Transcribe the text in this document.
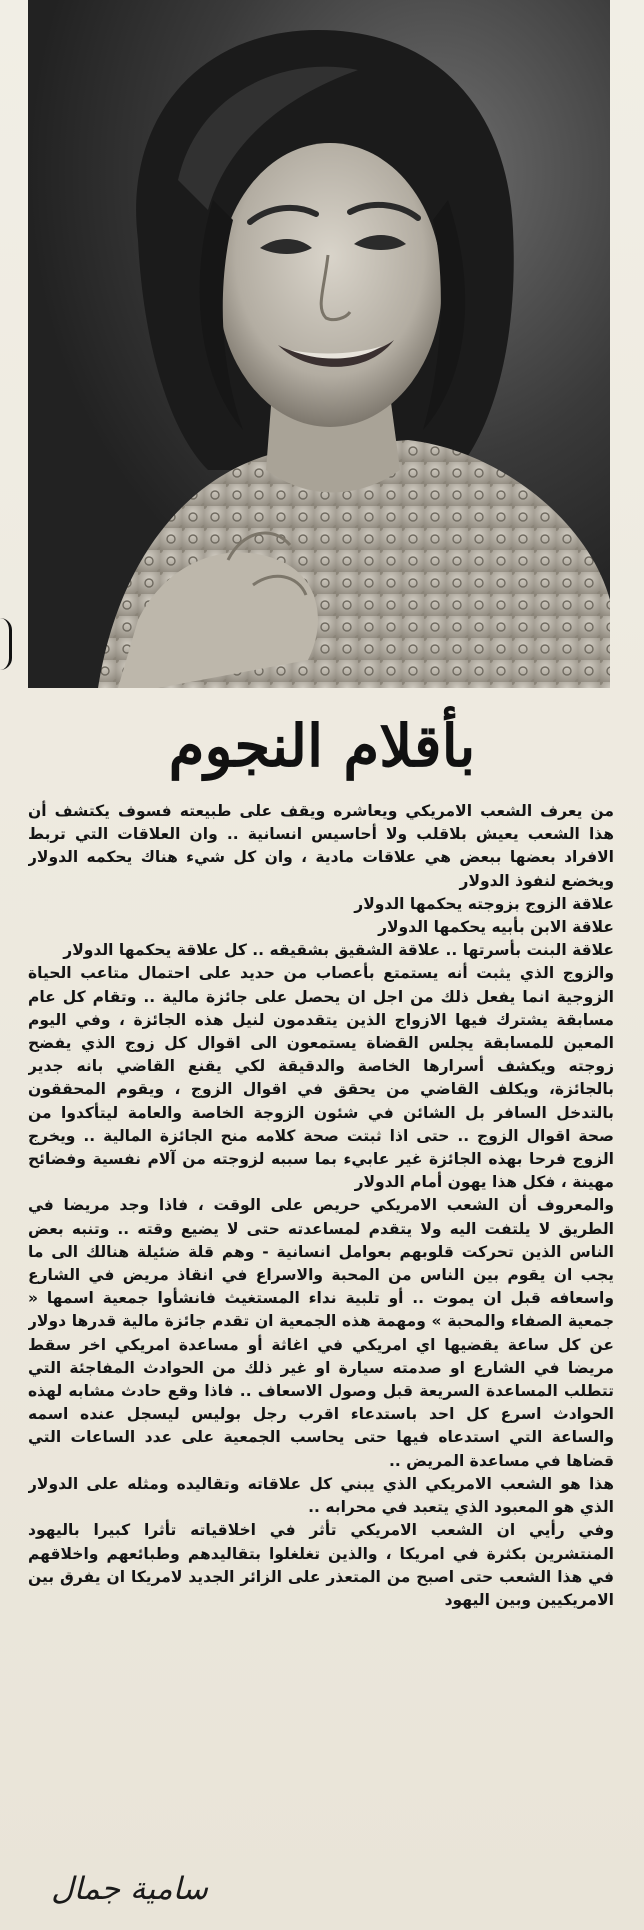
بأقلام النجوم

من يعرف الشعب الامريكي ويعاشره ويقف على طبيعته فسوف يكتشف أن هذا الشعب يعيش بلاقلب ولا أحاسيس انسانية .. وان العلاقات التي تربط الافراد بعضها ببعض هي علاقات مادية ، وان كل شيء هناك يحكمه الدولار ويخضع لنفوذ الدولار

علاقة الزوج بزوجته يحكمها الدولار

علاقة الابن بأبيه يحكمها الدولار

علاقة البنت بأسرتها .. علاقة الشقيق بشقيقه .. كل علاقة يحكمها الدولار

والزوج الذي يثبت أنه يستمتع بأعصاب من حديد على احتمال متاعب الحياة الزوجية انما يفعل ذلك من اجل ان يحصل على جائزة مالية .. وتقام كل عام مسابقة يشترك فيها الازواج الذين يتقدمون لنيل هذه الجائزة ، وفي اليوم المعين للمسابقة يجلس القضاة يستمعون الى اقوال كل زوج الذي يفضح زوجته ويكشف أسرارها الخاصة والدقيقة لكي يقنع القاضي بانه جدير بالجائزة، ويكلف القاضي من يحقق في اقوال الزوج ، ويقوم المحققون بالتدخل السافر بل الشائن في شئون الزوجة الخاصة والعامة ليتأكدوا من صحة اقوال الزوج .. حتى اذا ثبتت صحة كلامه منح الجائزة المالية .. ويخرج الزوج فرحا بهذه الجائزة غير عابيء بما سببه لزوجته من آلام نفسية وفضائح مهينة ، فكل هذا يهون أمام الدولار

والمعروف أن الشعب الامريكي حريص على الوقت ، فاذا وجد مريضا في الطريق لا يلتفت اليه ولا يتقدم لمساعدته حتى لا يضيع وقته .. وتنبه بعض الناس الذين تحركت قلوبهم بعوامل انسانية - وهم قلة ضئيلة هنالك الى ما يجب ان يقوم بين الناس من المحبة والاسراع في انقاذ مريض في الشارع واسعافه قبل ان يموت .. أو تلبية نداء المستغيث فانشأوا جمعية اسمها « جمعية الصفاء والمحبة » ومهمة هذه الجمعية ان تقدم جائزة مالية قدرها دولار عن كل ساعة يقضيها اي امريكي في اغاثة أو مساعدة امريكي اخر سقط مريضا في الشارع او صدمته سيارة او غير ذلك من الحوادث المفاجئة التي تتطلب المساعدة السريعة قبل وصول الاسعاف .. فاذا وقع حادث مشابه لهذه الحوادث اسرع كل احد باستدعاء اقرب رجل بوليس ليسجل عنده اسمه والساعة التي استدعاه فيها حتى يحاسب الجمعية على عدد الساعات التي قضاها في مساعدة المريض ..

هذا هو الشعب الامريكي الذي يبني كل علاقاته وتقاليده ومثله على الدولار الذي هو المعبود الذي يتعبد في محرابه ..

وفي رأيي ان الشعب الامريكي تأثر في اخلاقياته تأثرا كبيرا باليهود المنتشرين بكثرة في امريكا ، والذين تغلغلوا بتقاليدهم وطبائعهم واخلاقهم في هذا الشعب حتى اصبح من المتعذر على الزائر الجديد لامريكا ان يفرق بين الامريكيين وبين اليهود

سامية جمال
